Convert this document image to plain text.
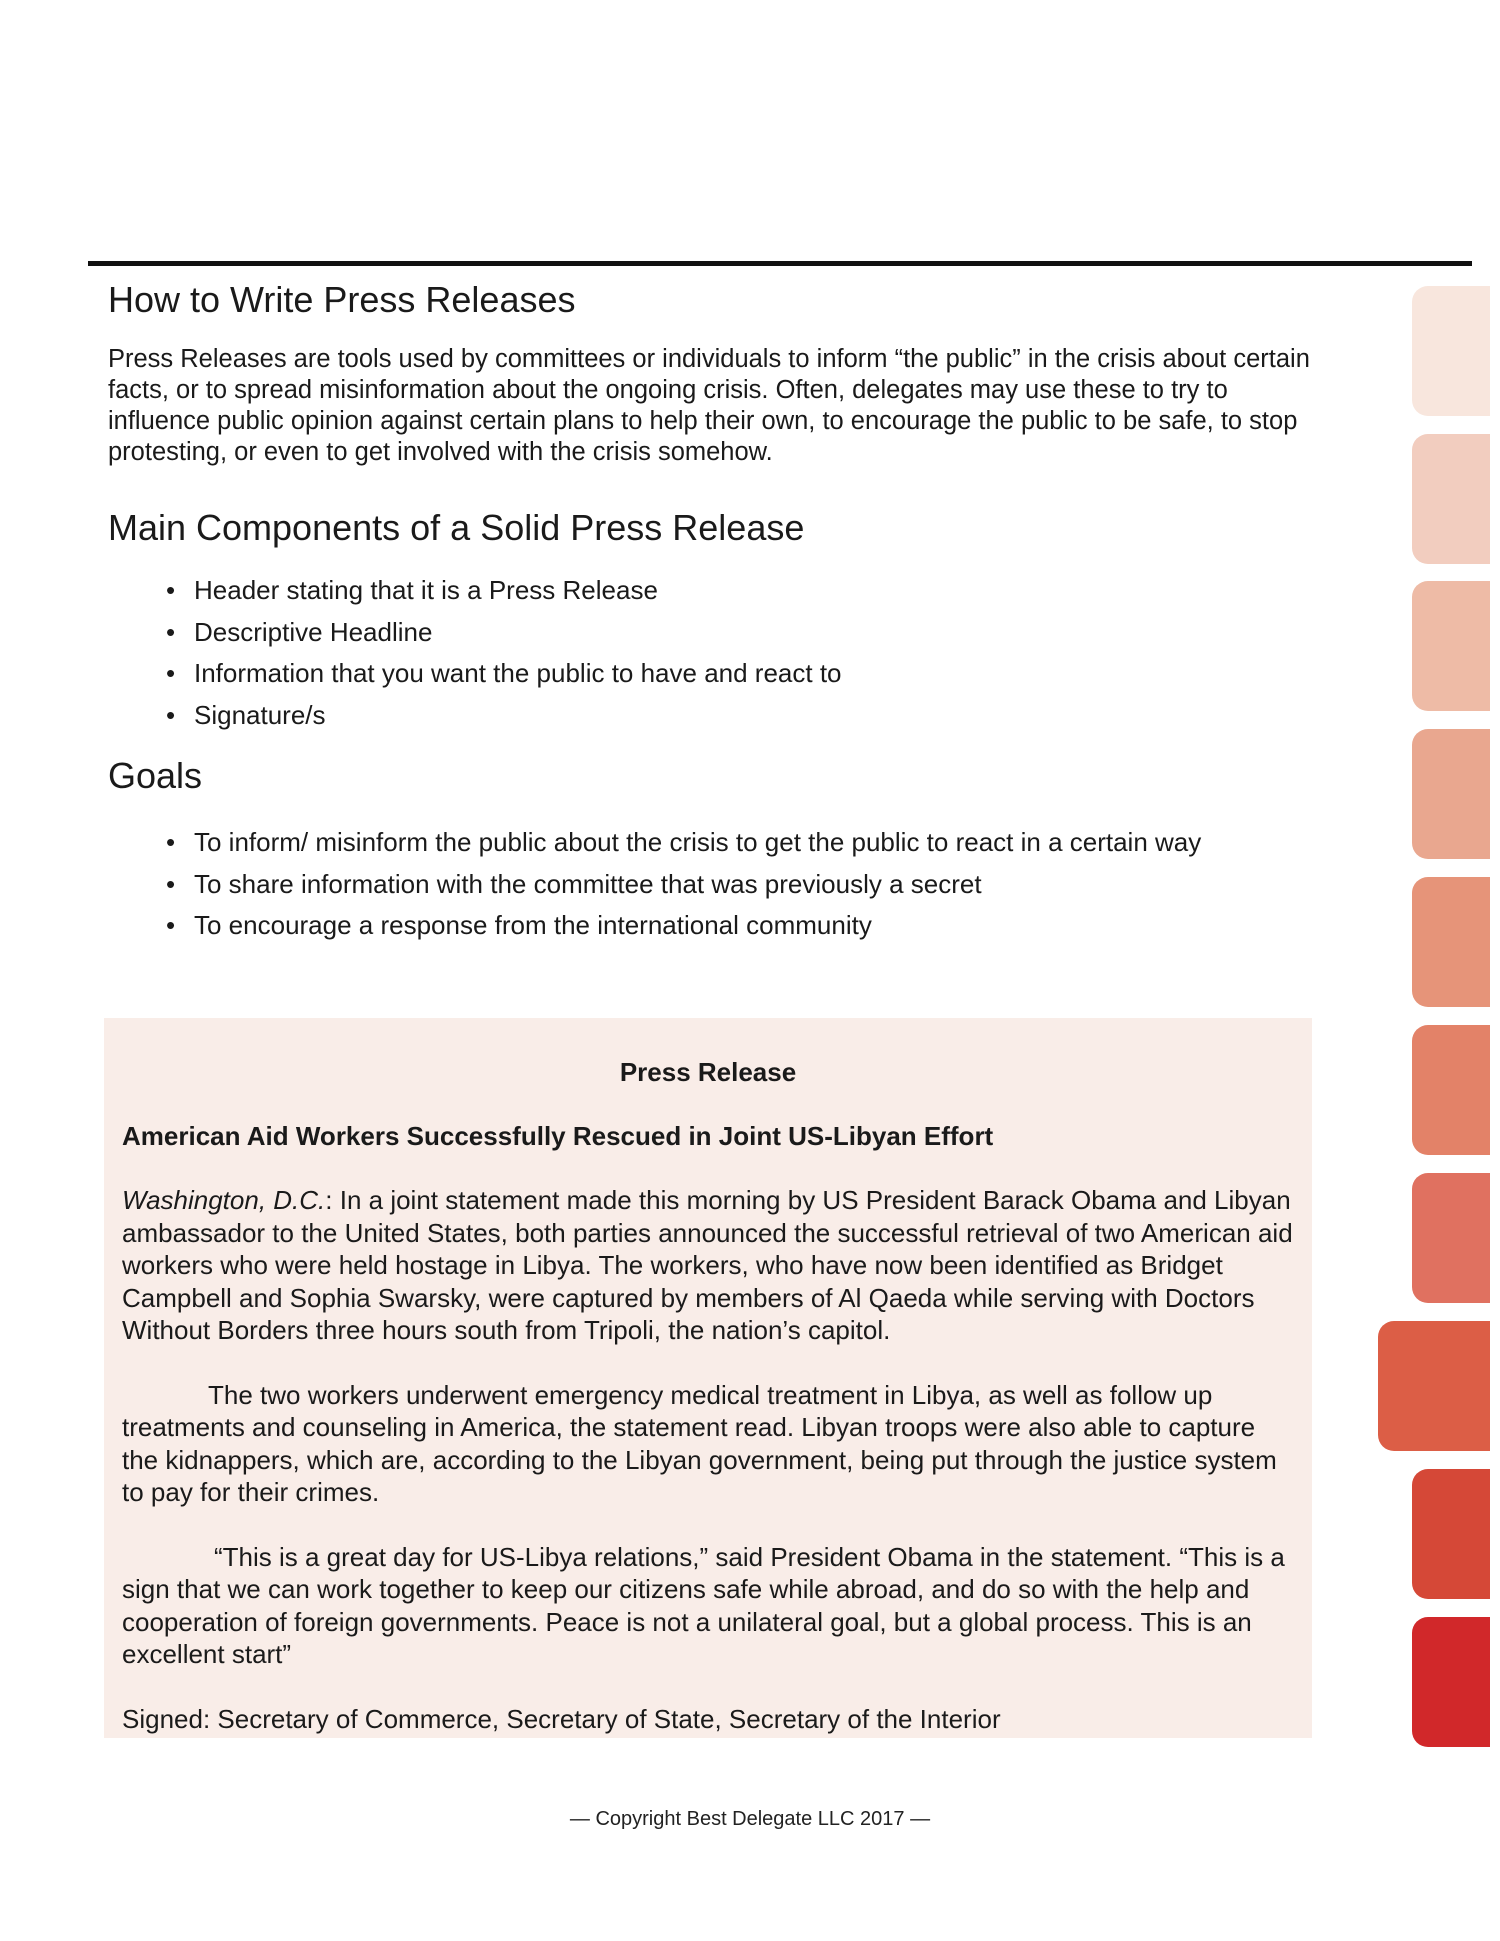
How to Write Press Releases

Press Releases are tools used by committees or individuals to inform “the public” in the crisis about certain facts, or to spread misinformation about the ongoing crisis. Often, delegates may use these to try to influence public opinion against certain plans to help their own, to encourage the public to be safe, to stop protesting, or even to get involved with the crisis somehow.

Main Components of a Solid Press Release
• Header stating that it is a Press Release
• Descriptive Headline
• Information that you want the public to have and react to
• Signature/s
Goals
• To inform/ misinform the public about the crisis to get the public to react in a certain way
• To share information with the committee that was previously a secret
• To encourage a response from the international community
Press Release
American Aid Workers Successfully Rescued in Joint US-Libyan Effort

Washington, D.C.: In a joint statement made this morning by US President Barack Obama and Libyan ambassador to the United States, both parties announced the successful retrieval of two American aid workers who were held hostage in Libya. The workers, who have now been identified as Bridget Campbell and Sophia Swarsky, were captured by members of Al Qaeda while serving with Doctors Without Borders three hours south from Tripoli, the nation’s capitol.

The two workers underwent emergency medical treatment in Libya, as well as follow up treatments and counseling in America, the statement read. Libyan troops were also able to capture the kidnappers, which are, according to the Libyan government, being put through the justice system to pay for their crimes.

“This is a great day for US-Libya relations,” said President Obama in the statement. “This is a sign that we can work together to keep our citizens safe while abroad, and do so with the help and cooperation of foreign governments. Peace is not a unilateral goal, but a global process. This is an excellent start”

Signed: Secretary of Commerce, Secretary of State, Secretary of the Interior
— Copyright Best Delegate LLC 2017 —
